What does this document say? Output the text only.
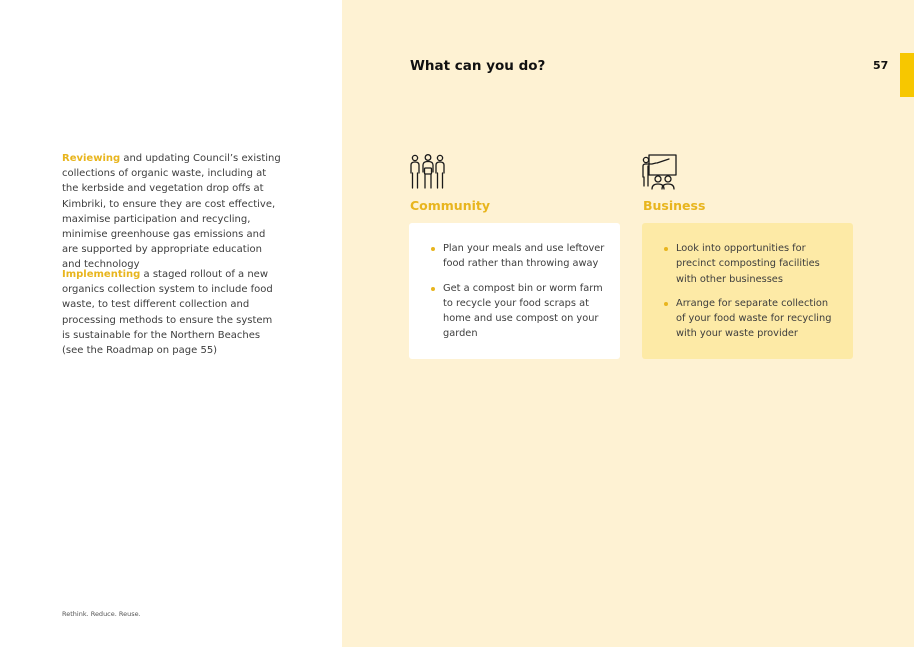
Reviewing and updating Council’s existing collections of organic waste, including at the kerbside and vegetation drop offs at Kimbriki, to ensure they are cost effective, maximise participation and recycling, minimise greenhouse gas emissions and are supported by appropriate education and technology

Implementing a staged rollout of a new organics collection system to include food waste, to test different collection and processing methods to ensure the system is sustainable for the Northern Beaches (see the Roadmap on page 55)

Rethink. Reduce. Reuse.
What can you do?	57
Community	Business
Plan your meals and use leftover food rather than throwing away
Get a compost bin or worm farm to recycle your food scraps at home and use compost on your garden
Look into opportunities for precinct composting facilities with other businesses
Arrange for separate collection of your food waste for recycling with your waste provider
